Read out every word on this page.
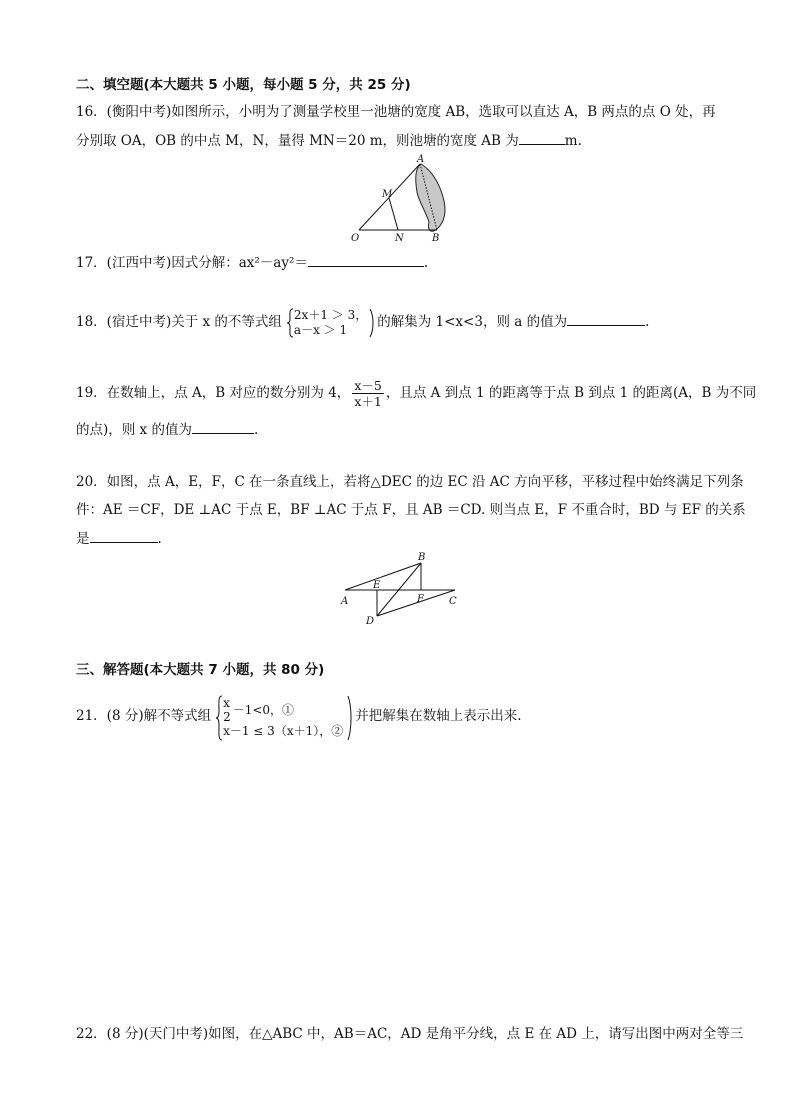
二、填空题(本大题共 5 小题，每小题 5 分，共 25 分)
16．(衡阳中考)如图所示，小明为了测量学校里一池塘的宽度 AB，选取可以直达 A，B 两点的点 O 处，再
分别取 OA，OB 的中点 M，N，量得 MN＝20 m，则池塘的宽度 AB 为	m.
A
M
O	N	B
17．(江西中考)因式分解：ax²－ay²＝	.
18．(宿迁中考)关于 x 的不等式组 2x＋1 ＞ 3，
a－x ＞ 1	的解集为 1<x<3，则 a 的值为	.
19．在数轴上，点 A，B 对应的数分别为 4， $\frac{x-5}{x+1}$ ，且点 A 到点 1 的距离等于点 B 到点 1 的距离(A，B 为不同
的点)，则 x 的值为	.
20．如图，点 A，E，F，C 在一条直线上，若将△DEC 的边 EC 沿 AC 方向平移，平移过程中始终满足下列条
件：AE ＝CF，DE ⊥AC 于点 E，BF ⊥AC 于点 F，且 AB ＝CD. 则当点 E，F 不重合时，BD 与 EF 的关系
是	.
B
E
A	F	C
D
三、解答题(本大题共 7 小题，共 80 分)
21．(8 分)解不等式组
x
2 －1<0，①
x－1 ≤ 3（x＋1），②
并把解集在数轴上表示出来.
22．(8 分)(天门中考)如图，在△ABC 中，AB＝AC，AD 是角平分线，点 E 在 AD 上，请写出图中两对全等三
